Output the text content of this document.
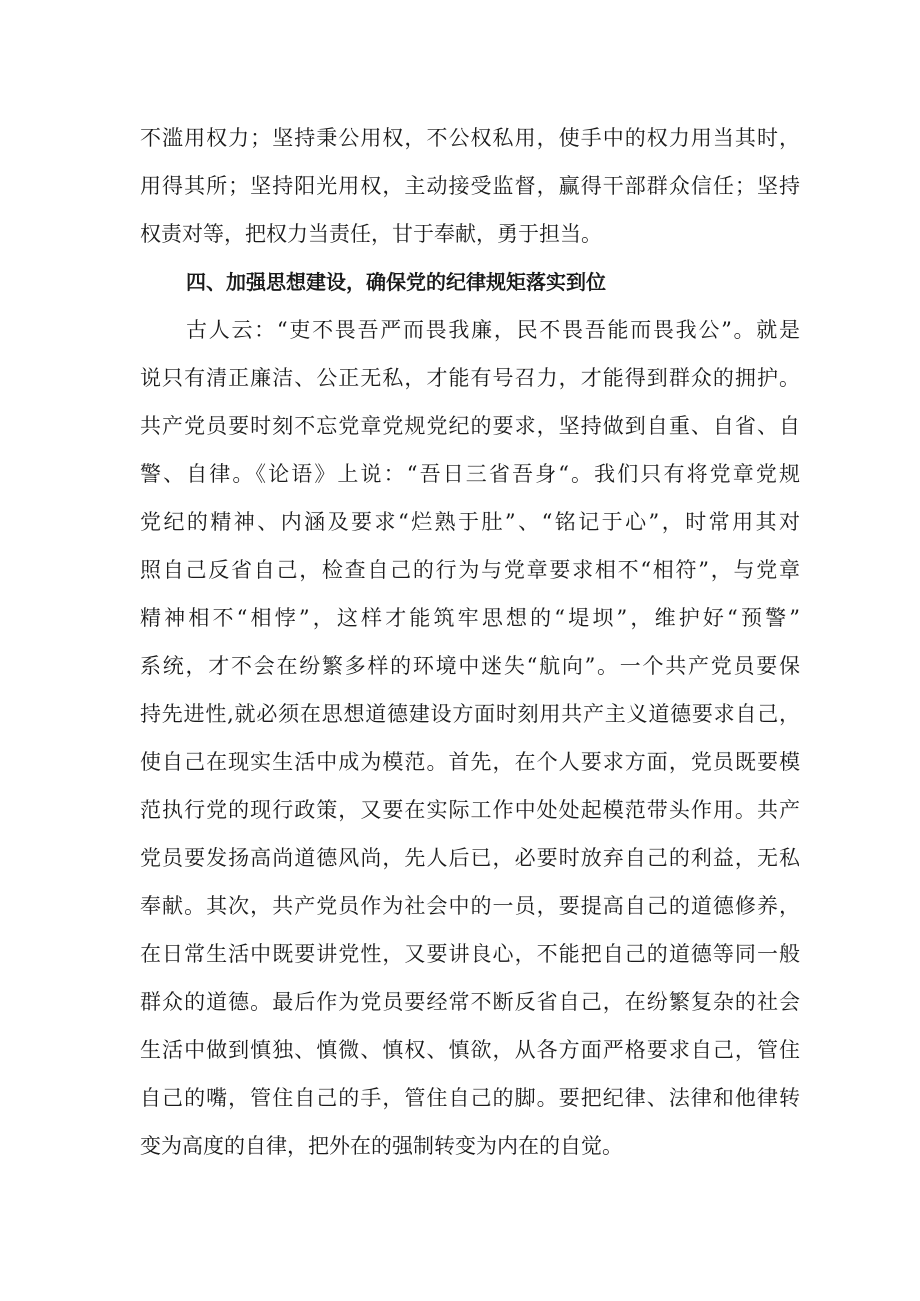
不滥用权力；坚持秉公用权，不公权私用，使手中的权力用当其时，
用得其所；坚持阳光用权，主动接受监督，赢得干部群众信任；坚持
权责对等，把权力当责任，甘于奉献，勇于担当。
四、加强思想建设，确保党的纪律规矩落实到位
古人云：“吏不畏吾严而畏我廉，民不畏吾能而畏我公”。就是
说只有清正廉洁、公正无私，才能有号召力，才能得到群众的拥护。
共产党员要时刻不忘党章党规党纪的要求，坚持做到自重、自省、自
警、自律。《论语》上说：“吾日三省吾身“。我们只有将党章党规
党纪的精神、内涵及要求“烂熟于肚”、“铭记于心”，时常用其对
照自己反省自己，检查自己的行为与党章要求相不“相符”，与党章
精神相不“相悖”，这样才能筑牢思想的“堤坝”，维护好“预警”
系统，才不会在纷繁多样的环境中迷失“航向”。一个共产党员要保
持先进性,就必须在思想道德建设方面时刻用共产主义道德要求自己，
使自己在现实生活中成为模范。首先，在个人要求方面，党员既要模
范执行党的现行政策，又要在实际工作中处处起模范带头作用。共产
党员要发扬高尚道德风尚，先人后已，必要时放弃自己的利益，无私
奉献。其次，共产党员作为社会中的一员，要提高自己的道德修养，
在日常生活中既要讲党性，又要讲良心，不能把自己的道德等同一般
群众的道德。最后作为党员要经常不断反省自己，在纷繁复杂的社会
生活中做到慎独、慎微、慎权、慎欲，从各方面严格要求自己，管住
自己的嘴，管住自己的手，管住自己的脚。要把纪律、法律和他律转
变为高度的自律，把外在的强制转变为内在的自觉。
